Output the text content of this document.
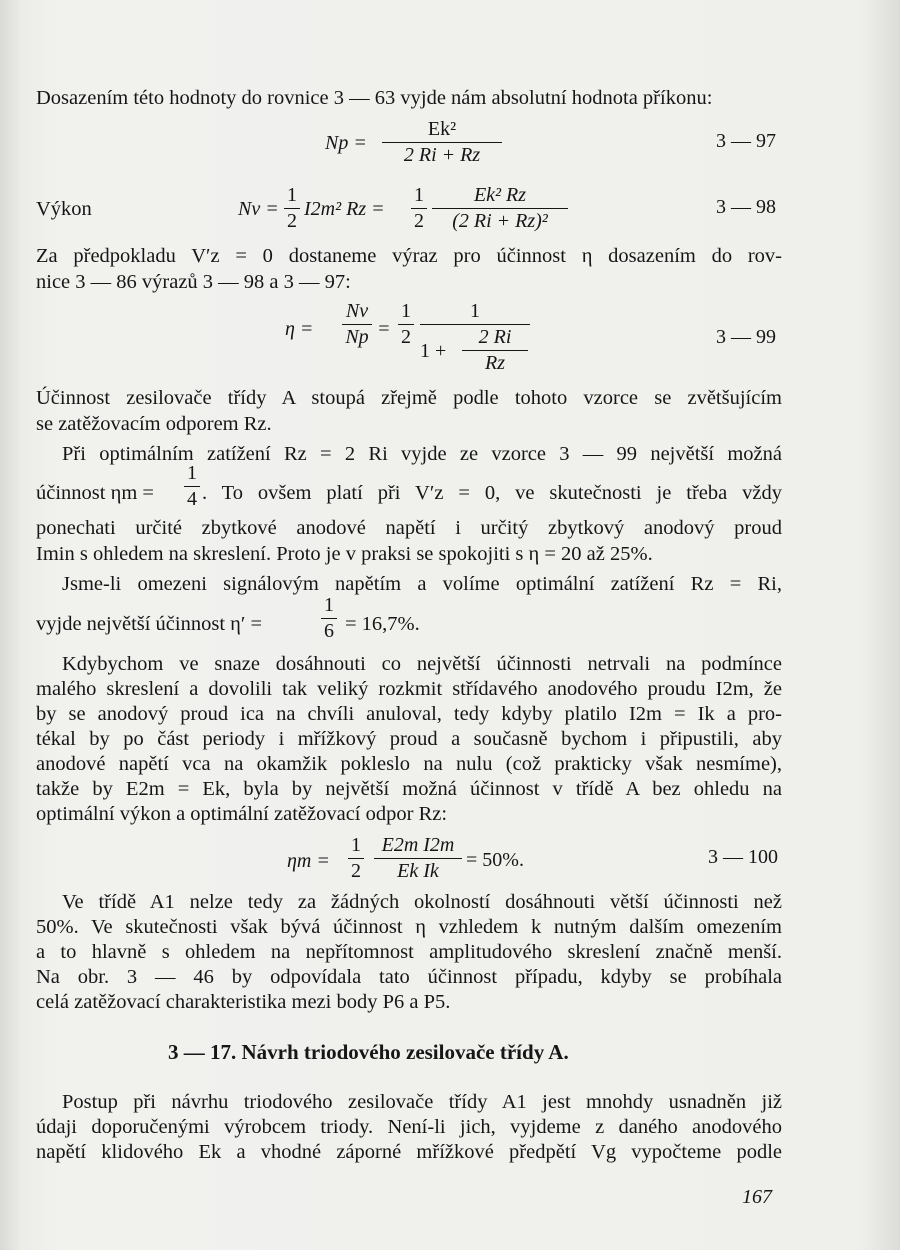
Dosazením této hodnoty do rovnice 3 — 63 vyjde nám absolutní hodnota příkonu:
$Np = \frac{\text{Ek²}}{2 Ri + Rz}$	3 — 97
Výkon	Nv =
1
2
I2m² Rz =
1
$2 \frac{\text{Ek² Rz}}{\text{(2 Ri + Rz)²}}$	3 — 98
Za předpokladu V′z = 0 dostaneme výraz pro účinnost η dosazením do rov-
nice 3 — 86 výrazů 3 — 98 a 3 — 97:
η =
Nv
Np =
1
2
1
1 +
2 Ri
Rz
3 — 99
Účinnost zesilovače třídy A stoupá zřejmě podle tohoto vzorce se zvětšujícím
se zatěžovacím odporem Rz.
Při optimálním zatížení Rz = 2 Ri vyjde ze vzorce 3 — 99 největší možná
účinnost ηm =
1
4 . To ovšem platí při V′z = 0, ve skutečnosti je třeba vždy
ponechati určité zbytkové anodové napětí i určitý zbytkový anodový proud
Imin s ohledem na skreslení. Proto je v praksi se spokojiti s η = 20 až 25%.
Jsme-li omezeni signálovým napětím a volíme optimální zatížení Rz = Ri,
vyjde největší účinnost η′ =
1
6 = 16,7%.
Kdybychom ve snaze dosáhnouti co největší účinnosti netrvali na podmínce
malého skreslení a dovolili tak veliký rozkmit střídavého anodového proudu I2m, že
by se anodový proud ica na chvíli anuloval, tedy kdyby platilo I2m = Ik a pro-
tékal by po část periody i mřížkový proud a současně bychom i připustili, aby
anodové napětí vca na okamžik pokleslo na nulu (což prakticky však nesmíme),
takže by E2m = Ek, byla by největší možná účinnost v třídě A bez ohledu na
optimální výkon a optimální zatěžovací odpor Rz:
ηm =
1
$2 \frac{\text{E2m I2m}}{\text{Ek Ik}} = 50\%$.	3 — 100
Ve třídě A1 nelze tedy za žádných okolností dosáhnouti větší účinnosti než
50%. Ve skutečnosti však bývá účinnost η vzhledem k nutným dalším omezením
a to hlavně s ohledem na nepřítomnost amplitudového skreslení značně menší.
Na obr. 3 — 46 by odpovídala tato účinnost případu, kdyby se probíhala
celá zatěžovací charakteristika mezi body P6 a P5.
3 — 17. Návrh triodového zesilovače třídy A.
Postup při návrhu triodového zesilovače třídy A1 jest mnohdy usnadněn již
údaji doporučenými výrobcem triody. Není-li jich, vyjdeme z daného anodového
napětí klidového Ek a vhodné záporné mřížkové předpětí Vg vypočteme podle
167
